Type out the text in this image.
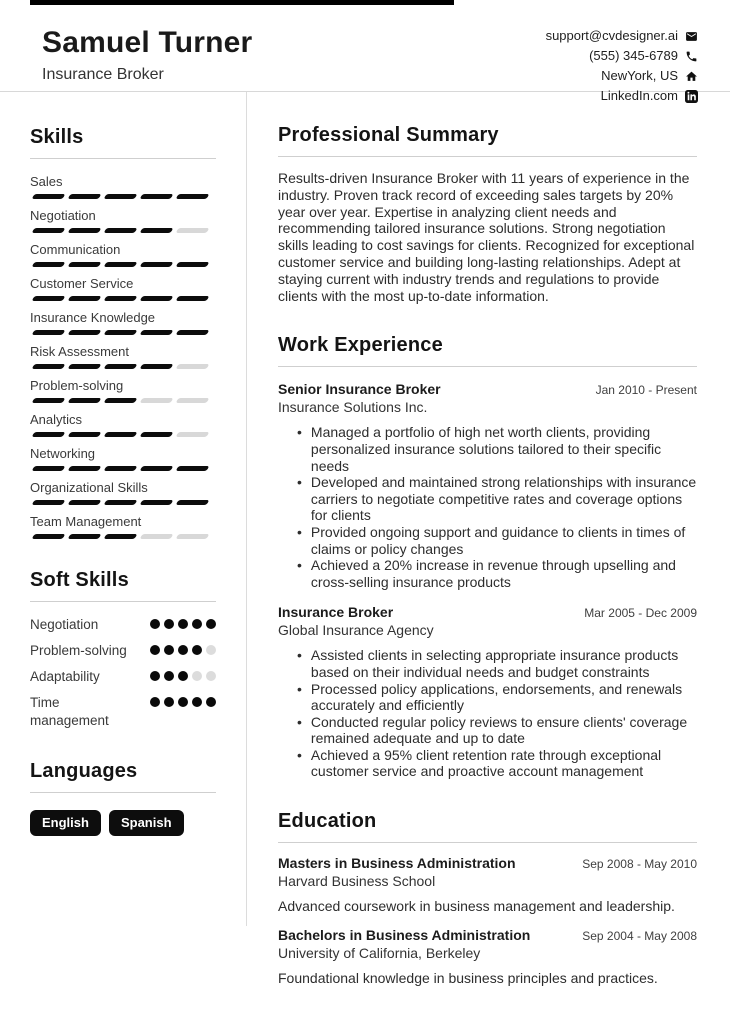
Samuel Turner
Insurance Broker
support@cvdesigner.ai
(555) 345-6789
NewYork, US
LinkedIn.com
Skills
Sales
Negotiation
Communication
Customer Service
Insurance Knowledge
Risk Assessment
Problem-solving
Analytics
Networking
Organizational Skills
Team Management
Soft Skills
Negotiation
Problem-solving
Adaptability
Time management
Languages
English	Spanish
Professional Summary

Results-driven Insurance Broker with 11 years of experience in the industry. Proven track record of exceeding sales targets by 20% year over year. Expertise in analyzing client needs and recommending tailored insurance solutions. Strong negotiation skills leading to cost savings for clients. Recognized for exceptional customer service and building long-lasting relationships. Adept at staying current with industry trends and regulations to provide clients with the most up-to-date information.

Work Experience
Senior Insurance Broker	Jan 2010 - Present
Insurance Solutions Inc.
• Managed a portfolio of high net worth clients, providing personalized insurance solutions tailored to their specific needs
• Developed and maintained strong relationships with insurance carriers to negotiate competitive rates and coverage options for clients
• Provided ongoing support and guidance to clients in times of claims or policy changes
• Achieved a 20% increase in revenue through upselling and cross-selling insurance products
Insurance Broker	Mar 2005 - Dec 2009
Global Insurance Agency
• Assisted clients in selecting appropriate insurance products based on their individual needs and budget constraints
• Processed policy applications, endorsements, and renewals accurately and efficiently
• Conducted regular policy reviews to ensure clients' coverage remained adequate and up to date
• Achieved a 95% client retention rate through exceptional customer service and proactive account management
Education
Masters in Business Administration	Sep 2008 - May 2010
Harvard Business School
Advanced coursework in business management and leadership.
Bachelors in Business Administration	Sep 2004 - May 2008
University of California, Berkeley
Foundational knowledge in business principles and practices.
